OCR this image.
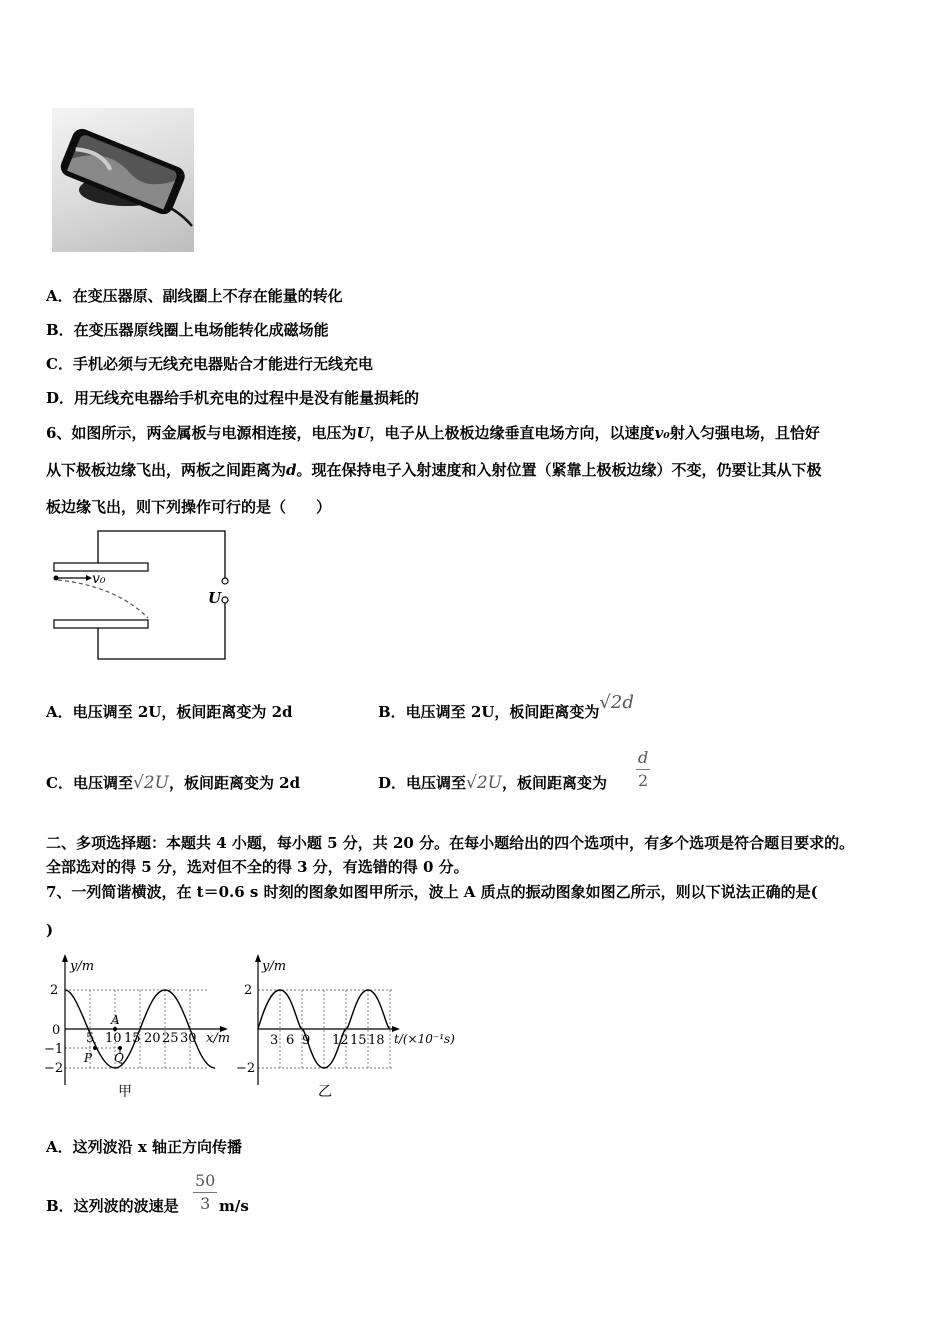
A．在变压器原、副线圈上不存在能量的转化
B．在变压器原线圈上电场能转化成磁场能
C．手机必须与无线充电器贴合才能进行无线充电
D．用无线充电器给手机充电的过程中是没有能量损耗的
6、如图所示，两金属板与电源相连接，电压为U，电子从上极板边缘垂直电场方向，以速度v₀射入匀强电场，且恰好
从下极板边缘飞出，两板之间距离为d。现在保持电子入射速度和入射位置（紧靠上极板边缘）不变，仍要让其从下极
板边缘飞出，则下列操作可行的是（　　）
U
v₀
A．电压调至 2U，板间距离变为 2d	B．电压调至 2U，板间距离变为√2d
C．电压调至√2U，板间距离变为 2d	D．电压调至√2U，板间距离变为 $\frac{d}{2}$
二、多项选择题：本题共 4 小题，每小题 5 分，共 20 分。在每小题给出的四个选项中，有多个选项是符合题目要求的。
全部选对的得 5 分，选对但不全的得 3 分，有选错的得 0 分。
7、一列简谐横波，在 t＝0.6 s 时刻的图象如图甲所示，波上 A 质点的振动图象如图乙所示，则以下说法正确的是(
)
y/m
x/m
2
0
−1
−2
5 10 15 20 25 30
A
P Q
甲
y/m
t/(×10⁻¹s)
2
−2
3 6 9 12 15 18
乙
A．这列波沿 x 轴正方向传播
B．这列波的波速是 $\frac{50}{3} m/s$
